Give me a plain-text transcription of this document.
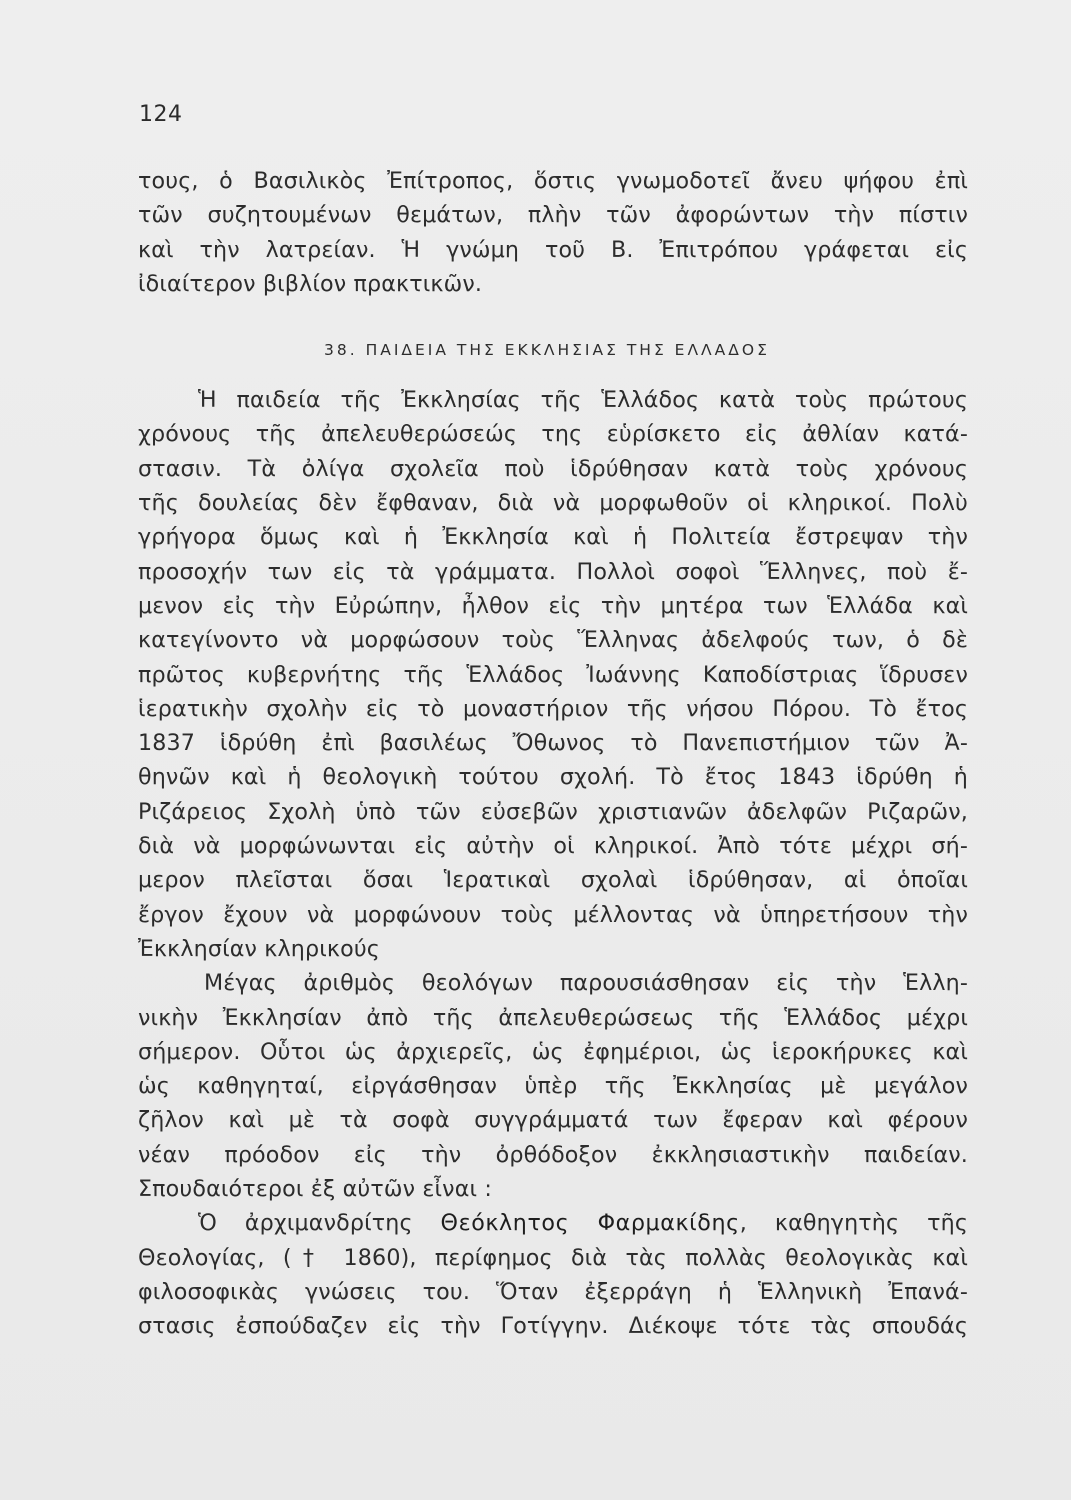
124
τους, ὁ Βασιλικὸς Ἐπίτροπος, ὅστις γνωμοδοτεῖ ἄνευ ψήφου ἐπὶ
τῶν συζητουμένων θεμάτων, πλὴν τῶν ἀφορώντων τὴν πίστιν
καὶ τὴν λατρείαν. Ἡ γνώμη τοῦ Β. Ἐπιτρόπου γράφεται εἰς
ἰδιαίτερον βιβλίον πρακτικῶν.
38. ΠΑΙΔΕΙΑ ΤΗΣ ΕΚΚΛΗΣΙΑΣ ΤΗΣ ΕΛΛΑΔΟΣ
Ἡ παιδεία τῆς Ἐκκλησίας τῆς Ἑλλάδος κατὰ τοὺς πρώτους
χρόνους τῆς ἀπελευθερώσεώς της εὑρίσκετο εἰς ἀθλίαν κατά-
στασιν. Τὰ ὀλίγα σχολεῖα ποὺ ἱδρύθησαν κατὰ τοὺς χρόνους
τῆς δουλείας δὲν ἔφθαναν, διὰ νὰ μορφωθοῦν οἱ κληρικοί. Πολὺ
γρήγορα ὅμως καὶ ἡ Ἐκκλησία καὶ ἡ Πολιτεία ἔστρεψαν τὴν
προσοχήν των εἰς τὰ γράμματα. Πολλοὶ σοφοὶ Ἕλληνες, ποὺ ἔ-
μενον εἰς τὴν Εὐρώπην, ἦλθον εἰς τὴν μητέρα των Ἑλλάδα καὶ
κατεγίνοντο νὰ μορφώσουν τοὺς Ἕλληνας ἀδελφούς των, ὁ δὲ
πρῶτος κυβερνήτης τῆς Ἑλλάδος Ἰωάννης Καποδίστριας ἵδρυσεν
ἱερατικὴν σχολὴν εἰς τὸ μοναστήριον τῆς νήσου Πόρου. Τὸ ἔτος
1837 ἱδρύθη ἐπὶ βασιλέως Ὄθωνος τὸ Πανεπιστήμιον τῶν Ἀ-
θηνῶν καὶ ἡ θεολογικὴ τούτου σχολή. Τὸ ἔτος 1843 ἱδρύθη ἡ
Ριζάρειος Σχολὴ ὑπὸ τῶν εὐσεβῶν χριστιανῶν ἀδελφῶν Ριζαρῶν,
διὰ νὰ μορφώνωνται εἰς αὐτὴν οἱ κληρικοί. Ἀπὸ τότε μέχρι σή-
μερον πλεῖσται ὅσαι Ἱερατικαὶ σχολαὶ ἱδρύθησαν, αἱ ὁποῖαι
ἔργον ἔχουν νὰ μορφώνουν τοὺς μέλλοντας νὰ ὑπηρετήσουν τὴν
Ἐκκλησίαν κληρικούς
Μέγας ἀριθμὸς θεολόγων παρουσιάσθησαν εἰς τὴν Ἑλλη-
νικὴν Ἐκκλησίαν ἀπὸ τῆς ἀπελευθερώσεως τῆς Ἑλλάδος μέχρι
σήμερον. Οὗτοι ὡς ἀρχιερεῖς, ὡς ἐφημέριοι, ὡς ἱεροκήρυκες καὶ
ὡς καθηγηταί, εἰργάσθησαν ὑπὲρ τῆς Ἐκκλησίας μὲ μεγάλον
ζῆλον καὶ μὲ τὰ σοφὰ συγγράμματά των ἔφεραν καὶ φέρουν
νέαν πρόοδον εἰς τὴν ὀρθόδοξον ἐκκλησιαστικὴν παιδείαν.
Σπουδαιότεροι ἐξ αὐτῶν εἶναι :
Ὁ ἀρχιμανδρίτης Θεόκλητος Φαρμακίδης, καθηγητὴς τῆς
Θεολογίας, († 1860), περίφημος διὰ τὰς πολλὰς θεολογικὰς καὶ
φιλοσοφικὰς γνώσεις του. Ὅταν ἐξερράγη ἡ Ἑλληνικὴ Ἐπανά-
στασις ἐσπούδαζεν εἰς τὴν Γοτίγγην. Διέκοψε τότε τὰς σπουδάς
